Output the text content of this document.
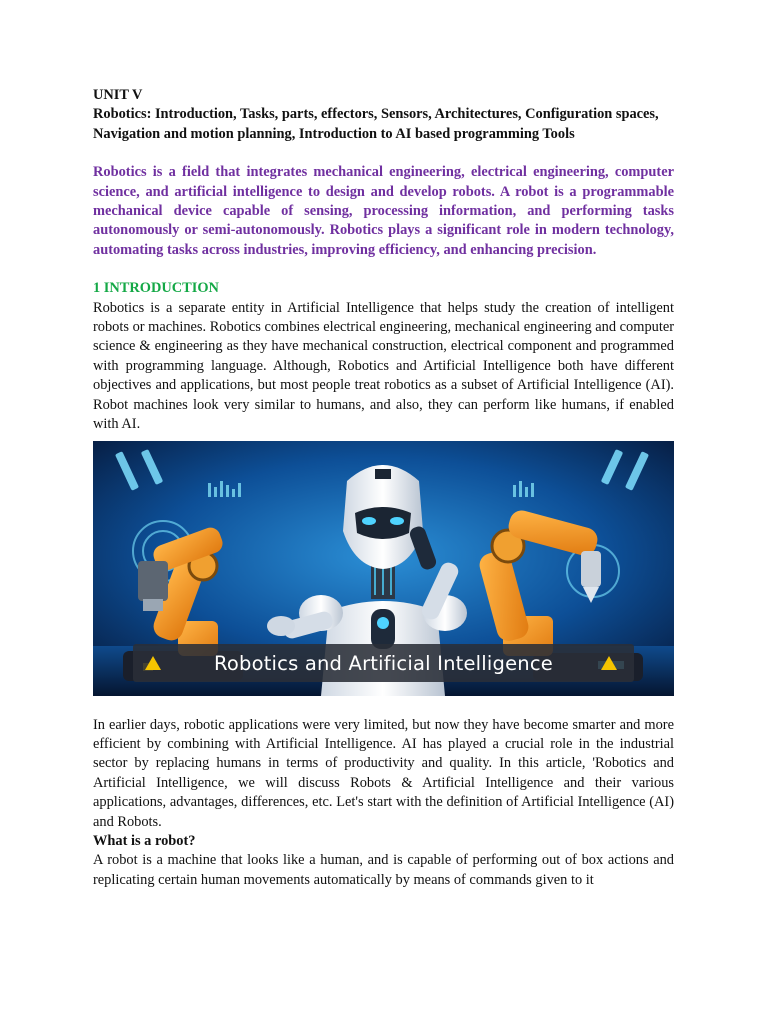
UNIT V

Robotics: Introduction, Tasks, parts, effectors, Sensors, Architectures, Configuration spaces, Navigation and motion planning, Introduction to AI based programming Tools

Robotics is a field that integrates mechanical engineering, electrical engineering, computer science, and artificial intelligence to design and develop robots. A robot is a programmable mechanical device capable of sensing, processing information, and performing tasks autonomously or semi-autonomously. Robotics plays a significant role in modern technology, automating tasks across industries, improving efficiency, and enhancing precision.

1 INTRODUCTION

Robotics is a separate entity in Artificial Intelligence that helps study the creation of intelligent robots or machines. Robotics combines electrical engineering, mechanical engineering and computer science & engineering as they have mechanical construction, electrical component and programmed with programming language. Although, Robotics and Artificial Intelligence both have different objectives and applications, but most people treat robotics as a subset of Artificial Intelligence (AI). Robot machines look very similar to humans, and also, they can perform like humans, if enabled with AI.

Robotics and Artificial Intelligence

In earlier days, robotic applications were very limited, but now they have become smarter and more efficient by combining with Artificial Intelligence. AI has played a crucial role in the industrial sector by replacing humans in terms of productivity and quality. In this article, 'Robotics and Artificial Intelligence, we will discuss Robots & Artificial Intelligence and their various applications, advantages, differences, etc. Let's start with the definition of Artificial Intelligence (AI) and Robots.

What is a robot?

A robot is a machine that looks like a human, and is capable of performing out of box actions and replicating certain human movements automatically by means of commands given to it
